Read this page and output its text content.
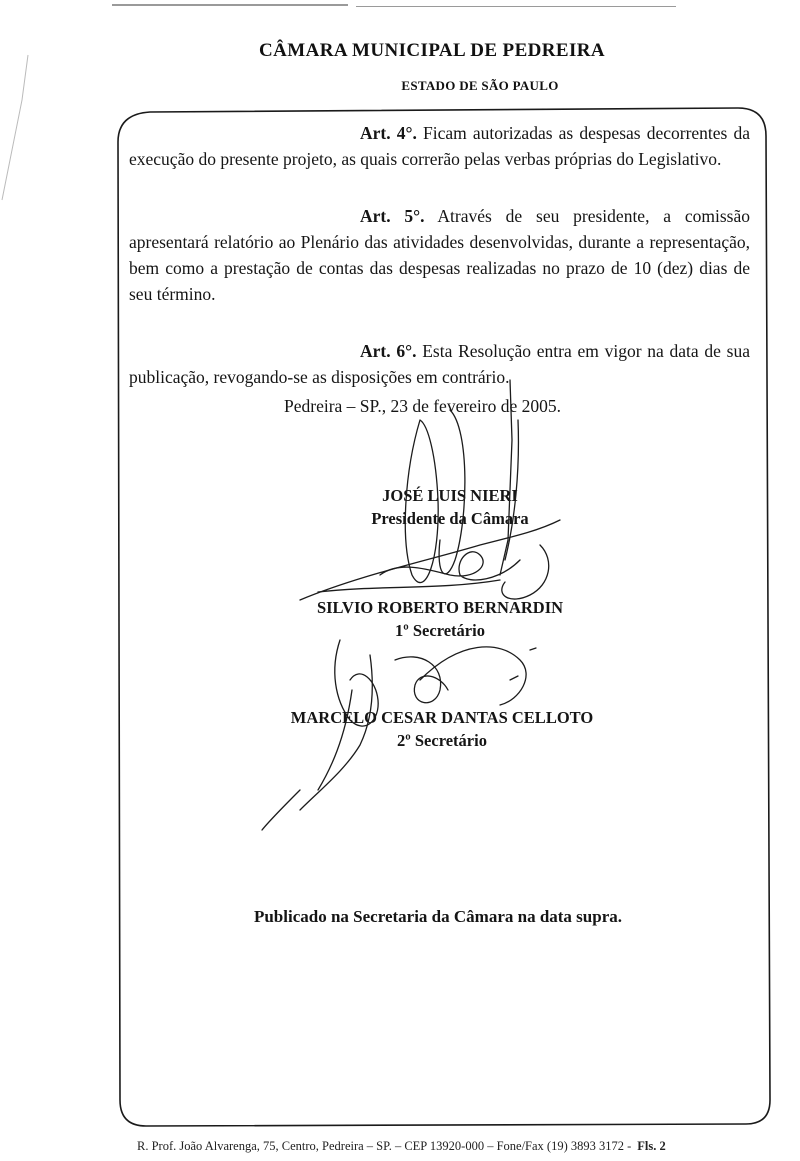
CÂMARA MUNICIPAL DE PEDREIRA
ESTADO DE SÃO PAULO

Art. 4°. Ficam autorizadas as despesas decorrentes da execução do presente projeto, as quais correrão pelas verbas próprias do Legislativo.

Art. 5°. Através de seu presidente, a comissão apresentará relatório ao Plenário das atividades desenvolvidas, durante a representação, bem como a prestação de contas das despesas realizadas no prazo de 10 (dez) dias de seu término.

Art. 6°. Esta Resolução entra em vigor na data de sua publicação, revogando-se as disposições em contrário.

Pedreira – SP., 23 de fevereiro de 2005.
JOSÉ LUIS NIERI
Presidente da Câmara
SILVIO ROBERTO BERNARDIN
1º Secretário
MARCELO CESAR DANTAS CELLOTO
2º Secretário
Publicado na Secretaria da Câmara na data supra.
R. Prof. João Alvarenga, 75, Centro, Pedreira – SP. – CEP 13920-000 – Fone/Fax (19) 3893 3172 - Fls. 2
